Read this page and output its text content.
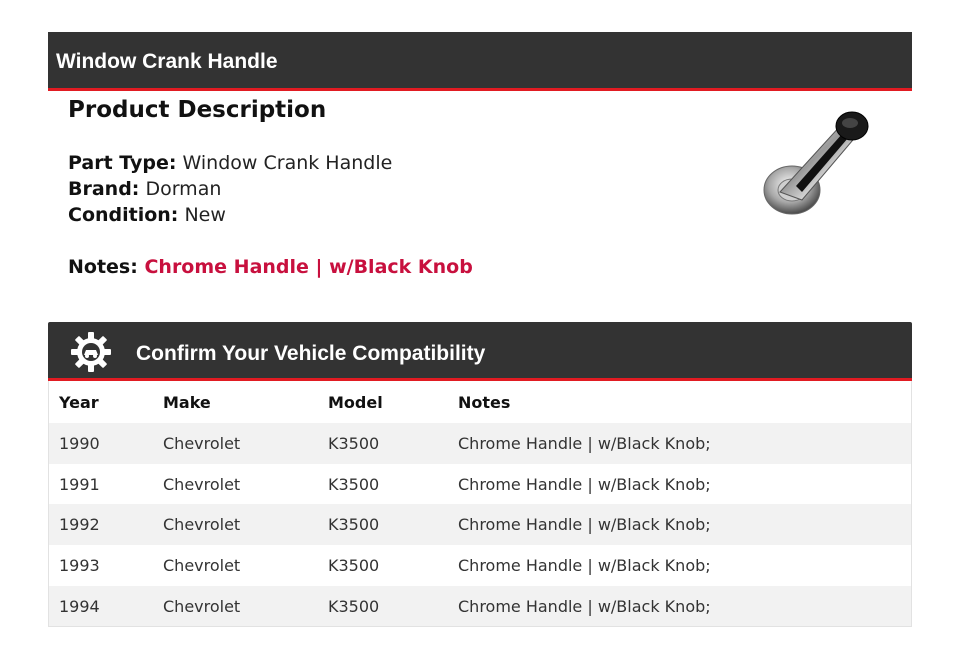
Window Crank Handle
Product Description
Part Type: Window Crank Handle
Brand: Dorman
Condition: New
Notes: Chrome Handle | w/Black Knob
Confirm Your Vehicle Compatibility
Year	Make	Model	Notes
1990	Chevrolet	K3500	Chrome Handle | w/Black Knob;
1991	Chevrolet	K3500	Chrome Handle | w/Black Knob;
1992	Chevrolet	K3500	Chrome Handle | w/Black Knob;
1993	Chevrolet	K3500	Chrome Handle | w/Black Knob;
1994	Chevrolet	K3500	Chrome Handle | w/Black Knob;
